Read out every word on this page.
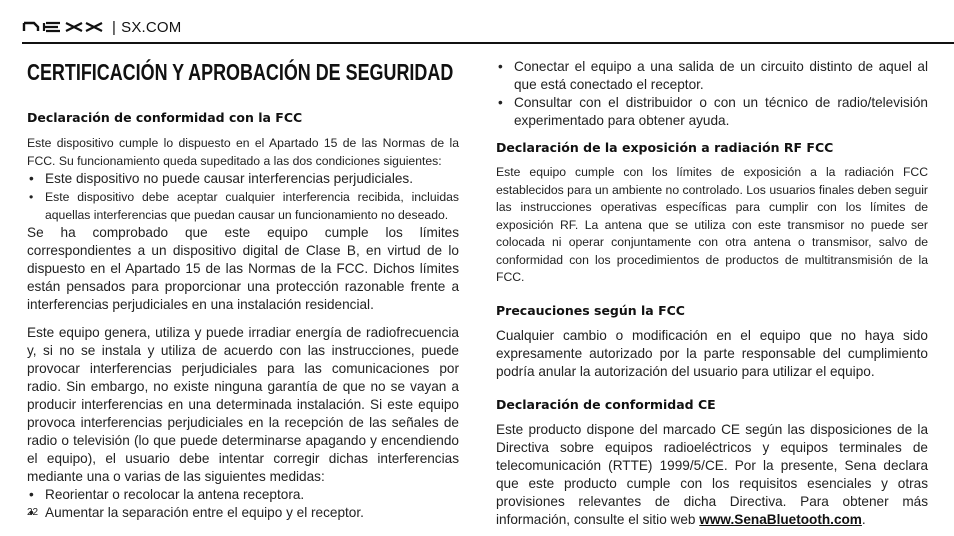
| SX.COM
CERTIFICACIÓN Y APROBACIÓN DE SEGURIDAD
Declaración de conformidad con la FCC

Este dispositivo cumple lo dispuesto en el Apartado 15 de las Normas de la FCC. Su funcionamiento queda supeditado a las dos condiciones siguientes:

• Este dispositivo no puede causar interferencias perjudiciales.
• Este dispositivo debe aceptar cualquier interferencia recibida, incluidas aquellas interferencias que puedan causar un funcionamiento no deseado.

Se ha comprobado que este equipo cumple los límites correspondientes a un dispositivo digital de Clase B, en virtud de lo dispuesto en el Apartado 15 de las Normas de la FCC. Dichos límites están pensados para proporcionar una protección razonable frente a interferencias perjudiciales en una instalación residencial.

Este equipo genera, utiliza y puede irradiar energía de radiofrecuencia y, si no se instala y utiliza de acuerdo con las instrucciones, puede provocar interferencias perjudiciales para las comunicaciones por radio. Sin embargo, no existe ninguna garantía de que no se vayan a producir interferencias en una determinada instalación. Si este equipo provoca interferencias perjudiciales en la recepción de las señales de radio o televisión (lo que puede determinarse apagando y encendiendo el equipo), el usuario debe intentar corregir dichas interferencias mediante una o varias de las siguientes medidas:

• Reorientar o recolocar la antena receptora.
• Aumentar la separación entre el equipo y el receptor.
• Conectar el equipo a una salida de un circuito distinto de aquel al que está conectado el receptor.
• Consultar con el distribuidor o con un técnico de radio/televisión experimentado para obtener ayuda.
Declaración de la exposición a radiación RF FCC

Este equipo cumple con los límites de exposición a la radiación FCC establecidos para un ambiente no controlado. Los usuarios finales deben seguir las instrucciones operativas específicas para cumplir con los límites de exposición RF. La antena que se utiliza con este transmisor no puede ser colocada ni operar conjuntamente con otra antena o transmisor, salvo de conformidad con los procedimientos de productos de multitransmisión de la FCC.

Precauciones según la FCC

Cualquier cambio o modificación en el equipo que no haya sido expresamente autorizado por la parte responsable del cumplimiento podría anular la autorización del usuario para utilizar el equipo.

Declaración de conformidad CE

Este producto dispone del marcado CE según las disposiciones de la Directiva sobre equipos radioeléctricos y equipos terminales de telecomunicación (RTTE) 1999/5/CE. Por la presente, Sena declara que este producto cumple con los requisitos esenciales y otras provisiones relevantes de dicha Directiva. Para obtener más información, consulte el sitio web www.SenaBluetooth.com.

22
